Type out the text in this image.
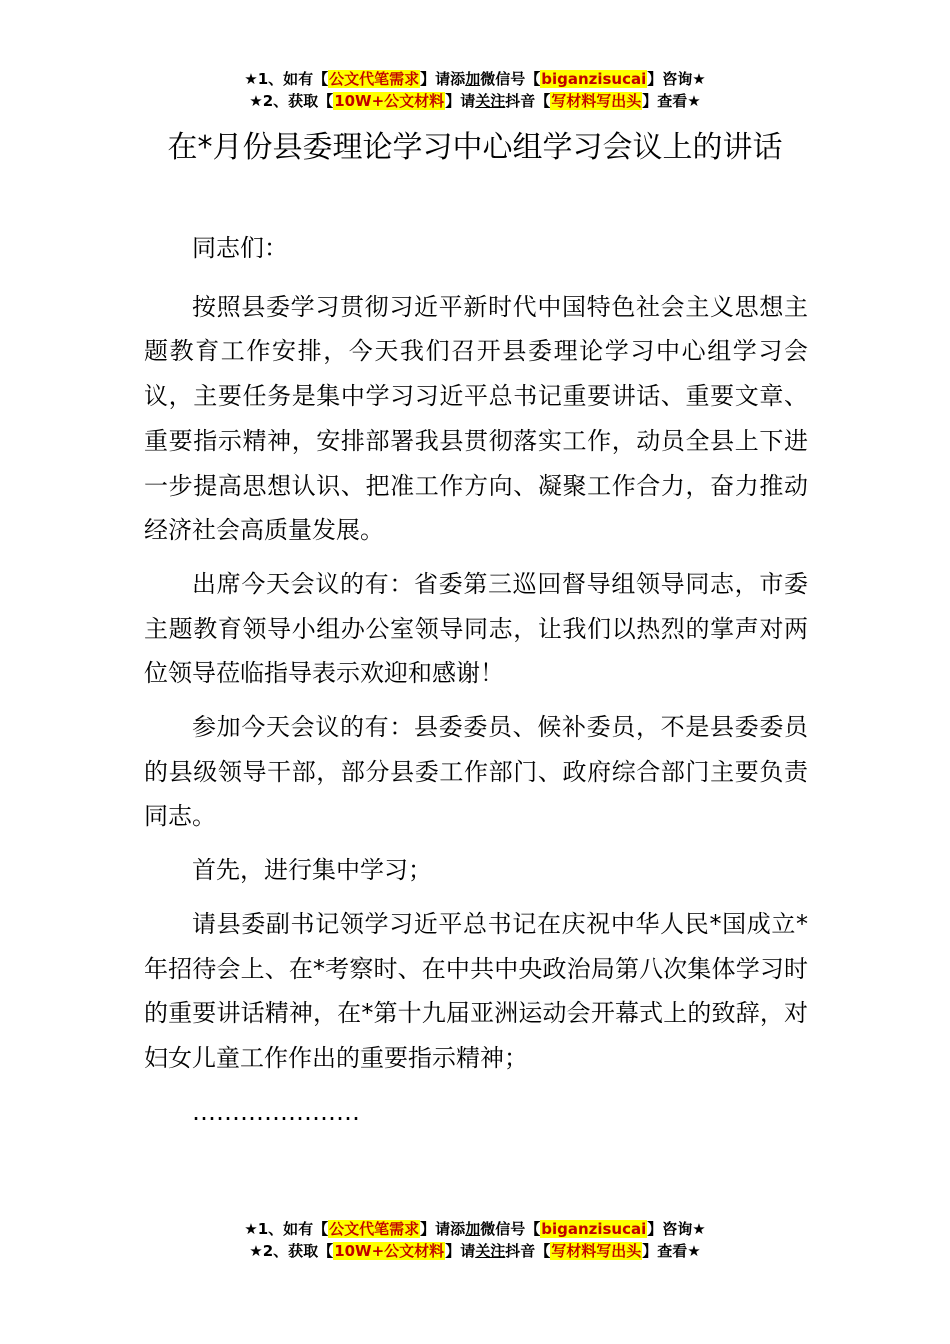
★1、如有【公文代笔需求】请添加微信号【biganzisucai】咨询★
★2、获取【10W+公文材料】请关注抖音【写材料写出头】查看★
在*月份县委理论学习中心组学习会议上的讲话

同志们：

按照县委学习贯彻习近平新时代中国特色社会主义思想主题教育工作安排，今天我们召开县委理论学习中心组学习会议，主要任务是集中学习习近平总书记重要讲话、重要文章、重要指示精神，安排部署我县贯彻落实工作，动员全县上下进一步提高思想认识、把准工作方向、凝聚工作合力，奋力推动经济社会高质量发展。

出席今天会议的有：省委第三巡回督导组领导同志，市委主题教育领导小组办公室领导同志，让我们以热烈的掌声对两位领导莅临指导表示欢迎和感谢！

参加今天会议的有：县委委员、候补委员，不是县委委员的县级领导干部，部分县委工作部门、政府综合部门主要负责同志。

首先，进行集中学习；

请县委副书记领学习近平总书记在庆祝中华人民*国成立*年招待会上、在*考察时、在中共中央政治局第八次集体学习时的重要讲话精神，在*第十九届亚洲运动会开幕式上的致辞，对妇女儿童工作作出的重要指示精神；

…………………

★1、如有【公文代笔需求】请添加微信号【biganzisucai】咨询★
★2、获取【10W+公文材料】请关注抖音【写材料写出头】查看★
